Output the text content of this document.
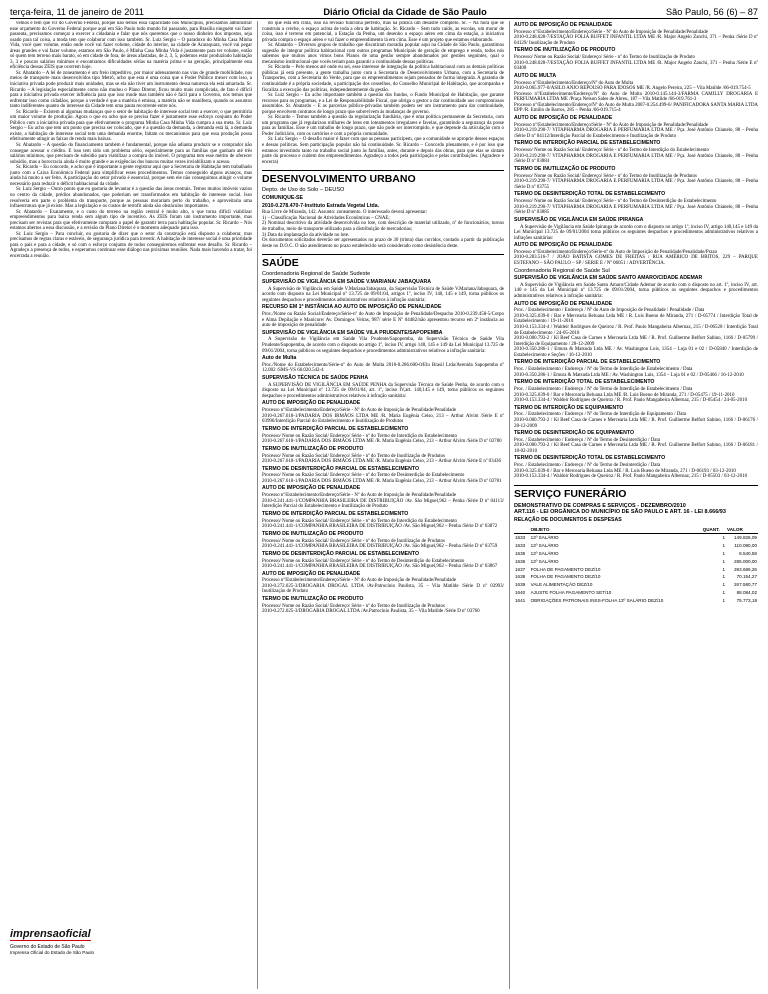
terça-feira, 11 de janeiro de 2011	Diário Oficial da Cidade de São Paulo	São Paulo, 56 (6) – 87

vemos e tem que vir do Governo Federal, porque não temos essa capacidade nos Municípios, precisamos administrar esse orçamento do Governo Federal porque aqui em São Paulo tudo mundo foi passando, para Brasília ninguém vai fazer passeata, precisamos começar a exercer a cidadania e falar que nós queremos que o nosso dinheiro dos impostos, seja usado para tal coisa, a moda tem que colaborar com isso também. Sr. Luiz Sergio – O paradoxo do Minha Casa Minha Vida, você quer volume, então onde você vai fazer volume, cidade do interior, na cidade de Araraquara, você vai pegar áreas grandes e vai fazer volume, estamos em São Paulo, é Minha Casa Minha Vida é justamente para ter volume, então só quem tem terreno mais barato, só em cidade de fora, de áreas afastadas, de 2, 3, 5, podemos estar produzindo habitação 3, 3 e poucos salários mínimos e encontramos dificuldades sérias na matéria prima e na geração, principalmente esta eficiência dessas ZEIS que ocorrem hoje.

Sr. Abatardo – A lei de zoneamento é um freio impeditivo, por maior adensamento nas vias de grande mobilidade, nos meios de transporte mais desenvolvidos tipo Metrô, acho que esta é uma coisa que o Poder Público mexer com isso, a iniciativa privada pode produzir mais unidades, mas se ela não tiver um instrumento dessa natureza ela está amarrada. Sr. Ricardo – A legislação especialmente como não mudou o Plano Diretor, ficou muito mais complicada, de fato é difícil para a iniciativa privada exercer influência para que isso mude mas também não é fácil para o Governo, nós temos que enfrentar isso como cidadãos, porque a verdade é que a matéria é emissa, a matéria não se manifesta, quando os assuntos tanto indiferentes quanto do interesse da Cidade tem uma pauta recorrente entre nós.

Sr. Ricardo – Existem aí algumas mudanças que o setor de habitação de interesse social tem a exercer, o que permitiria um maior volume de produção. Agora o que eu acho que se precisa fazer é justamente esse esforço conjunto do Poder Público com a iniciativa privada para que efetivamente o programa Minha Casa Minha Vida cumpra a sua meta. Sr. Luiz Sergio – Eu acho que tem um ponto que precisa ser colocado, que é a questão da demanda, a demanda está lá, a demanda existe, a habitação de interesse social tem uma demanda enorme, faltam os mecanismos para que essa produção possa efetivamente atingir as faixas de renda mais baixas.

Sr. Abatardo – A questão do financiamento também é fundamental, porque não adianta produzir se o comprador não consegue acessar o crédito. E isso tem sido um problema sério, especialmente para as famílias que ganham até três salários mínimos, que precisam de subsídio para viabilizar a compra do imóvel. O programa tem esse mérito de oferecer subsídio, mas a burocracia ainda é muito grande e as exigências dos bancos muitas vezes inviabilizam o acesso.

Sr. Ricardo – Eu concordo, e acho que é importante a gente registrar aqui que a Secretaria de Habitação tem trabalhado junto com a Caixa Econômica Federal para simplificar esses procedimentos. Temos conseguido alguns avanços, mas ainda há muito a ser feito. A participação do setor privado é essencial, porque sem ele não conseguimos atingir o volume necessário para reduzir o déficit habitacional da cidade.

Sr. Luiz Sergio – Outro ponto que eu gostaria de levantar é a questão das áreas centrais. Temos muitos imóveis vazios no centro da cidade, prédios abandonados, que poderiam ser transformados em habitação de interesse social. Isso resolveria em parte o problema do transporte, porque as pessoas morariam perto do trabalho, e aproveitaria uma infraestrutura que já existe. Mas a legislação e os custos de retrofit ainda são obstáculos importantes.

Sr. Abatardo – Exatamente, e o custo do terreno na região central é muito alto, o que torna difícil viabilizar empreendimentos para baixa renda sem algum tipo de incentivo. As ZEIS foram um instrumento importante, mas precisam ser revistas para que efetivamente cumpram o papel de garantir terra para habitação popular. Sr. Ricardo – Nós estamos abertos a essa discussão, e a revisão do Plano Diretor é o momento adequado para isso.

Sr. Luiz Sergio – Para concluir, eu gostaria de dizer que o setor da construção está disposto a colaborar, mas precisamos de regras claras e estáveis, de segurança jurídica para investir. A habitação de interesse social é uma prioridade para o país e para a cidade, e só com o esforço conjunto de todos conseguiremos enfrentar esse desafio. Sr. Ricardo – Agradeço a presença de todos, e esperamos continuar esse diálogo nas próximas reuniões. Nada mais havendo a tratar, foi encerrada a reunião.

do que está em cima, isso na revisão funciona perfeito, mas na prática um desastre completo. Sr. – Na hora que se construiu a creche, o espaço acima de toda a obra de habitação. Sr. Ricardo – Sem tudo caído, as escolas, um morar de coisa, isso é terreno em potencial, a Estação da Penha, um desenho o espaço aéreo em cima da estação, a iniciativa privada compra o espaço aéreo e vai fazer o empreendimento lá em cima. Esse é um projeto que estamos elaborando.

Sr. Abatardo – Diversos grupos de trabalho que discutiram moradia popular aqui na Cidade de São Paulo, garantimos sugestão de integrar política habitacional com outros programas Municipais de geração de emprego e renda, todos nós sabemos que muitos anos vimos bons Planos de uma gestão sempre abandonados por gestões seguintes, qual o mecanismo institucional que vocês teriam para garantir a continuidade dessas políticas.

Sr. Ricardo – Pelo menos até onde eu sei, esse interesse de integração da política habitacional com as demais políticas públicas já está presente, a gente trabalha junto com a Secretaria de Desenvolvimento Urbano, com a Secretaria de Transportes, com a Secretaria do Verde, para que os empreendimentos sejam pensados de forma integrada. A garantia de continuidade é a própria sociedade, a participação dos conselhos, do Conselho Municipal de Habitação, que acompanha e fiscaliza a execução das políticas, independentemente da gestão.

Sr. Luiz Sergio – Eu acho importante também a questão dos fundos, o Fundo Municipal de Habitação, que garante recursos para os programas, e a Lei de Responsabilidade Fiscal, que obriga o gestor a dar continuidade aos compromissos assumidos. Sr. Abatardo – E as parcerias público-privadas também podem ser um instrumento para dar continuidade, porque envolvem contratos de longo prazo que sobrevivem às mudanças de governo.

Sr. Ricardo – Temos também a questão da regularização fundiária, que é uma política permanente da Secretaria, com um programa que já regularizou milhares de lotes em loteamentos irregulares e favelas, garantindo a segurança da posse para as famílias. Esse é um trabalho de longo prazo, que não pode ser interrompido, e que depende da articulação com o Poder Judiciário, com os cartórios e com a própria comunidade.

Sr. Luiz Sergio – O desafio maior é fazer com que as pessoas participem, que a comunidade se aproprie desses espaços e dessas políticas. Sem participação popular não há continuidade. Sr. Ricardo – Concordo plenamente, e é por isso que estamos investindo tanto no trabalho social junto às famílias, antes, durante e depois das obras, para que elas se sintam parte do processo e cuidem dos empreendimentos. Agradeço a todos pela participação e pelas contribuições. (Agradece e encerra)

DESENVOLVIMENTO URBANO
Depto. de Uso do Solo – DEUSO
COMUNIQUE-SE
2010-0.278.470-7-Instituto Estrada Vegetal Ltda.

Rua Livre de Miranda, 142. Assunto: zoneamento. O interessado deverá apresentar:

1) – Classificação Nacional de Atividades Econômicas – CNAE;

2) Nominal descritivo da atividade desenvolvida no lote, com descrição de material utilizado, nº de funcionários, turnos de trabalho, meio de transporte utilizado para a distribuição de mercadorias;

3) Data da implantação da atividade no lote.

Os documentos solicitados deverão ser apresentados no prazo de 30 (trinta) dias corridos, contado a partir da publicação deste no D.O.C. O não atendimento no prazo estabelecido será considerado como desistência deste.

SAÚDE
Coordenadoria Regional de Saúde Sudeste
SUPERVISÃO DE VIGILÂNCIA EM SAÚDE V.MARIANA/ JABAQUARA

A Supervisão de Vigilância em Saúde V.Mariana/Jabaquara, da Supervisão Técnica de Saúde V.Mariana/Jabaquara, de acordo com disposto na Lei Municipal nº 13.725 de 09/01/04, artigos 1º, inciso IV, 140, 145 e 149, torna públicos os seguintes despachos e procedimentos administrativos relativos à infração sanitária:

RECURSO EM 1ª INSTÂNCIA AO AUTO DE IMPOSIÇÃO DE PENALIDADE

Proc./Nome ou Razão Social/Endereço/Série-nº do Auto de Imposição de Penalidade/Despacho 2010-0.239.458-5/Corpo e Alma Depilação e Manicure/ Av. Domingos Veiras, 987/ série E Nº 04482/não apresentou recurso em 2ª instância ao auto de imposição de penalidade

SUPERVISÃO DE VIGILÂNCIA EM SAÚDE VILA PRUDENTE/SAPOPEMBA

A Supervisão de Vigilância em Saúde Vila Prudente/Sapopemba, da Supervisão Técnica de Saúde Vila Prudente/Sapopemba, de acordo com o disposto no artigo 1º, inciso IV, artigo 140, 145 e 149 da Lei Municipal 13.725 de 09/01/2004, torna públicos os seguintes despachos e procedimentos administrativos relativos a infração sanitária:

Auto de Multa

Proc./Nome do Estabelecimento/Série-nº do Auto de Multa 2010-0.286.600-0/Elu Brasil Ltda/Avenida Sapopemba nº 12.002 /SMS-VS 66.020.542-4

SUPERVISÃO TÉCNICA DE SAÚDE PENHA

A SUPERVISÃO DE VIGILÂNCIA EM SAÚDE PENHA da Supervisão Técnica de Saúde Penha, de acordo com o disposto na Lei Municipal nº 13.725 de 09/01/04, art. 1º, inciso IV,art. 140,145 e 149, torna públicos os seguintes despachos e procedimentos administrativos relativos à infração sanitária:

AUTO DE IMPOSIÇÃO DE PENALIDADE

Processo nº/Estabelecimento/Endereço/Série - Nº do Auto de Imposição de Penalidade/Penalidade

2010-0.267.618-1/PADARIA DOS IRMÃOS LTDA ME /R. Maria Eugênia Celso, 213 – Arthur Alvim /Série E nº 03996/Interdição Parcial do Estabelecimento e Inutilização de Produtos

TERMO DE INTERDIÇÃO PARCIAL DE ESTABELECIMENTO

Processo/ Nome ou Razão Social/ Endereço/ Série - nº do Termo de Interdição do Estabelecimento

2010-0.267.618-1/PADARIA DOS IRMÃOS LTDA ME /R. Maria Eugênia Celso, 213 – Arthur Alvim /Série D nº 03780

TERMO DE INUTILIZAÇÃO DE PRODUTO

Processo/ Nome ou Razão Social/ Endereço/ Série - nº do Termo de Inutilização de Produtos

2010-0.267.618-1/PADARIA DOS IRMÃOS LTDA ME /R. Maria Eugênia Celso, 213 – Arthur Alvim /Série E nº 03436

TERMO DE DESINTERDIÇÃO PARCIAL DE ESTABELECIMENTO

Processo/ Nome ou Razão Social/ Endereço/ Série - nº do Termo de Desinterdição do Estabelecimento

2010-0.267.618-1/PADARIA DOS IRMÃOS LTDA ME /R. Maria Eugênia Celso, 213 – Arthur Alvim /Série D nº 03781

AUTO DE IMPOSIÇÃO DE PENALIDADE

Processo nº/Estabelecimento/Endereço/Série - Nº do Auto de Imposição de Penalidade/Penalidade

2010-0.241.441-1/COMPANHIA BRASILEIRA DE DISTRIBUIÇÃO /Av. São Miguel,962 – Penha /Série D nº 04113/ Interdição Parcial do Estabelecimento e Inutilização de Produto

TERMO DE INTERDIÇÃO PARCIAL DE ESTABELECIMENTO

Processo/ Nome ou Razão Social/ Endereço/ Série - nº do Termo de Interdição do Estabelecimento

2010-0.241.441-1/COMPANHIA BRASILEIRA DE DISTRIBUIÇÃO /Av. São Miguel,962 – Penha /Série D nº 03872

TERMO DE INUTILIZAÇÃO DE PRODUTO

Processo/ Nome ou Razão Social/ Endereço/ Série - nº do Termo de Inutilização de Produtos

2010-0.241.441-1/COMPANHIA BRASILEIRA DE DISTRIBUIÇÃO /Av. São Miguel,962 – Penha /Série D nº 03759

TERMO DE DESINTERDIÇÃO PARCIAL DE ESTABELECIMENTO

Processo/ Nome ou Razão Social/ Endereço/ Série - nº do Termo de Desinterdição do Estabelecimento

2010-0.241.441-1/COMPANHIA BRASILEIRA DE DISTRIBUIÇÃO /Av. São Miguel,962 – Penha /Série D nº 03867

AUTO DE IMPOSIÇÃO DE PENALIDADE

Processo nº/Estabelecimento/Endereço/Série - Nº do Auto de Imposição de Penalidade/Penalidade

2010-0.272.025-3/DROGARIA DROGAL LTDA /Av.Patrocínio Paulista, 35 – Vila Matilde /Série D nº 03993/ Inutilização de Produto

TERMO DE INUTILIZAÇÃO DE PRODUTO

Processo/ Nome ou Razão Social/ Endereço/ Série - nº do Termo de Inutilização de Produtos

2010-0.272.025-3/DROGARIA DROGAL LTDA /Av.Patrocínio Paulista, 35 – Vila Matilde /Série D nº 03760

AUTO DE IMPOSIÇÃO DE PENALIDADE

Processo nº/Estabelecimento/Endereço/Série - Nº do Auto de Imposição de Penalidade/Penalidade

2010-0.248.028-7/ESTAÇÃO FOLIA BUFFET INFANTIL LTDA ME /R. Major Angelo Zanchi, 371 – Penha /Série D nº 04129/ Inutilização de Produto

TERMO DE INUTILIZAÇÃO DE PRODUTO

Processo/ Nome ou Razão Social/ Endereço/ Série - nº do Termo de Inutilização de Produto

2010-0.248.028-7/ESTAÇÃO FOLIA BUFFET INFANTIL LTDA ME /R. Major Angelo Zanchi, 371 – Penha /Série E nº 03408

AUTO DE MULTA

Processo nº/Estabelecimento/Endereço/Nº do Auto de Multa

2010-0.065.977-0/ASILO ANJO REPOUSO PARA IDOSOS ME /R. Angelo Pereira, 225 – Vila Matilde /66-019.754-5

Processo nº/Estabelecimento/Endereço/Nº do Auto de Multa 2010-0.145.144-3/FARMA CAMILLY DROGARIA E PERFUMARIA LTDA ME /Praça Nelson Sales de Abreu, 187 – Vila Matilde /66-019.761-3

Processo nº/Estabelecimento/Endereço/Nº do Auto de Multa 2007-0.254.499-6/ PANIFICADORA SANTA MARIA LTDA EPP /R. Emílio de Barros, 285 – Penha /66-019.715-4

AUTO DE IMPOSIÇÃO DE PENALIDADE

Processo nº/Estabelecimento/Endereço/Série - Nº do Auto de Imposição de Penalidade/Penalidade

2010-0.219.290-7/ VITAPHARMA DROGARIA E PERFUMARIA LTDA ME / Pça. José Antônio Chianelo, 88 – Penha /Série D nº 04112/Interdição Parcial do Estabelecimento e Inutilização de Produto

TERMO DE INTERDIÇÃO PARCIAL DE ESTABELECIMENTO

Processo/ Nome ou Razão Social/ Endereço/ Série - nº do Termo de Interdição do Estabelecimento

2010-0.219.290-7/ VITAPHARMA DROGARIA E PERFUMARIA LTDA ME / Pça. José Antônio Chianelo, 88 – Penha /Série D nº 03884

TERMO DE INUTILIZAÇÃO DE PRODUTO

Processo/ Nome ou Razão Social/ Endereço/ Série - nº do Termo de Inutilização de Produtos

2010-0.219.290-7/ VITAPHARMA DROGARIA E PERFUMARIA LTDA ME / Pça. José Antônio Chianelo, 88 – Penha /Série D nº 03755

TERMO DE DESINTERDIÇÃO TOTAL DE ESTABELECIMENTO

Processo/ Nome ou Razão Social/ Endereço/ Série - nº do Termo de Desinterdição do Estabelecimento

2010-0.219.290-7/ VITAPHARMA DROGARIA E PERFUMARIA LTDA ME / Pça. José Antônio Chianelo, 88 – Penha /Série D nº 03885

SUPERVISÃO DE VIGILÂNCIA EM SAÚDE IPIRANGA

A Supervisão de Vigilância em Saúde Ipiranga de acordo com o disposto no artigo 1º, inciso IV, artigo 140,145 e 149 da Lei Municipal 13.725 de 09/01/2004 torna públicos os seguintes despachos e procedimentos administrativos relativos a infrações sanitárias:

AUTO DE IMPOSIÇÃO DE PENALIDADE

Processo nº/Estabelecimento/Endereço/Série-nº do Auto de Imposição de Penalidade/Penalidade/Prazo

2010-0.283.516-7 / JOÃO BATISTA GOMES DE FREITAS / RUA AMÉRICO DE BRITOS, 229 – PARQUE ESTEFANO – SÃO PAULO – SP / SERIE E / Nº 06051 / ADVERTÊNCIA.

Coordenadoria Regional de Saúde Sul
SUPERVISÃO DE VIGILÂNCIA EM SAÚDE SANTO AMARO/CIDADE ADEMAR

A Supervisão de Vigilância em Saúde Santo Amaro/Cidade Ademar de acordo com o disposto no art. 1º, inciso IV, art. 140 e 145 da Lei Municipal nº 13.725 de 09/01/2004, torna públicos os seguintes despachos e procedimentos administrativos relativos à infração sanitária:

AUTO DE IMPOSIÇÃO DE PENALIDADE

Proc. / Estabelecimento / Endereço / Nº do Auto de Imposição de Penalidade / Penalidade / Data

2010-0.325.039-0 / Bar e Mercearia Beluana Ltda ME / R. Luis Bueno de Miranda, 271 / D-05774 / Interdição Total de Estabelecimento / 19-11-2010

2010-0.153.334-4 / Waldeir Rodrigues de Queiroz / R. Prof. Paulo Mangabeira Albernaz, 215 / D-06528 / Interdição Total de Estabelecimento / 24-05-2010

2010-0.000.793-2 / Kl Beef Casa de Carnes e Mercearia Ltda ME / R. Prof. Guilherme Belfort Sabino, 1166 / D-05799 / Interdição de Equipamento / 28-12-2009

2010-0.350.286-1 / Emura & Matsuda Ltda ME / Av. Washington Luis, 1354 – Loja 01 e 02 / D-05840 / Interdição de Estabelecimento e Seções / 16-12-2010

TERMO DE INTERDIÇÃO PARCIAL DE ESTABELECIMENTO

Proc. / Estabelecimento / Endereço / Nº do Termo de Interdição de Estabelecimento / Data

2010-0.350.286-1 / Emura & Matsuda Ltda ME / Av. Washington Luis, 1354 – Loja 01 e 02 / D-05466 / 16-12-2010

TERMO DE INTERDIÇÃO TOTAL DE ESTABELECIMENTO

Proc. / Estabelecimento / Endereço / Nº do Termo de Interdição de Estabelecimento / Data

2010-0.325.039-0 / Bar e Mercearia Beluana Ltda ME /R. Luis Bueno de Miranda, 271 / D-05475 / 19-11-2010

2010-0.153.334-4 / Waldeir Rodrigues de Queiroz / R. Prof. Paulo Mangabeira Albernaz, 215 / D-05454 / 24-05-2010

TERMO DE INTERDIÇÃO DE EQUIPAMENTO

Proc. / Estabelecimento / Endereço / Nº do Termo de Interdição de Equipamento / Data

2010-0.000.793-2 / Kl Beef Casa de Carnes e Mercearia Ltda ME / R. Prof. Guilherme Belfort Sabino, 1166 / D-06176 / 28-12-2009

TERMO DE DESINTERDIÇÃO DE EQUIPAMENTO

Proc. / Estabelecimento / Endereço / Nº do Termo de Desinterdição / Data

2010-0.000.793-2 / Kl Beef Casa de Carnes e Mercearia Ltda ME / R. Prof. Guilherme Belfort Sabino, 1166 / D-06181 / 18-02-2010

TERMO DE DESINTERDIÇÃO TOTAL DE ESTABELECIMENTO

Proc. / Estabelecimento / Endereço / Nº do Termo de Desinterdição / Data

2010-0.325.039-0 / Bar e Mercearia Beluana Ltda ME / R. Luis Bueno de Miranda, 271 / D-06193 / 03-12-2010

2010-0.153.334-4 / Waldeir Rodrigues de Queiroz / R. Prof. Paulo Mangabeira Albernaz, 215 / D-05503 / 03-12-2010

SERVIÇO FUNERÁRIO
DEMONSTRATIVO DE COMPRAS E SERVIÇOS - DEZEMBRO/2010
ART.116 - LEI ORGÂNICA DO MUNICÍPIO DE SÃO PAULO E ART. 16 - LEI 8.666/93
RELAÇÃO DE DOCUMENTOS E DESPESAS
	OBJETO	QUANT.	VALOR
1633	13º SALÁRIO	1	149.826,09
1633	13º SALÁRIO	1	110.080,00
1635	13º SALÁRIO	1	8.540,58
1636	13º SALÁRIO	1	285.000,00
1637	FOLHA DE PAGAMENTO DEZ/10	1	393.686,26
1638	FOLHA DE PAGAMENTO DEZ/10	1	70.154,27
1639	VALE ALIMENTAÇÃO DEZ/10	1	267.580,77
1640	AJUSTE FOLHA PAGAMENTO SET/10	1	88.084,02
1641	OBRIGAÇÕES PATRONAIS INSS-FOLHA 13º SALÁRIO DEZ/10	1	75.773,18
imprensaoficial
Governo do Estado de São Paulo
Imprensa Oficial do Estado de São Paulo
